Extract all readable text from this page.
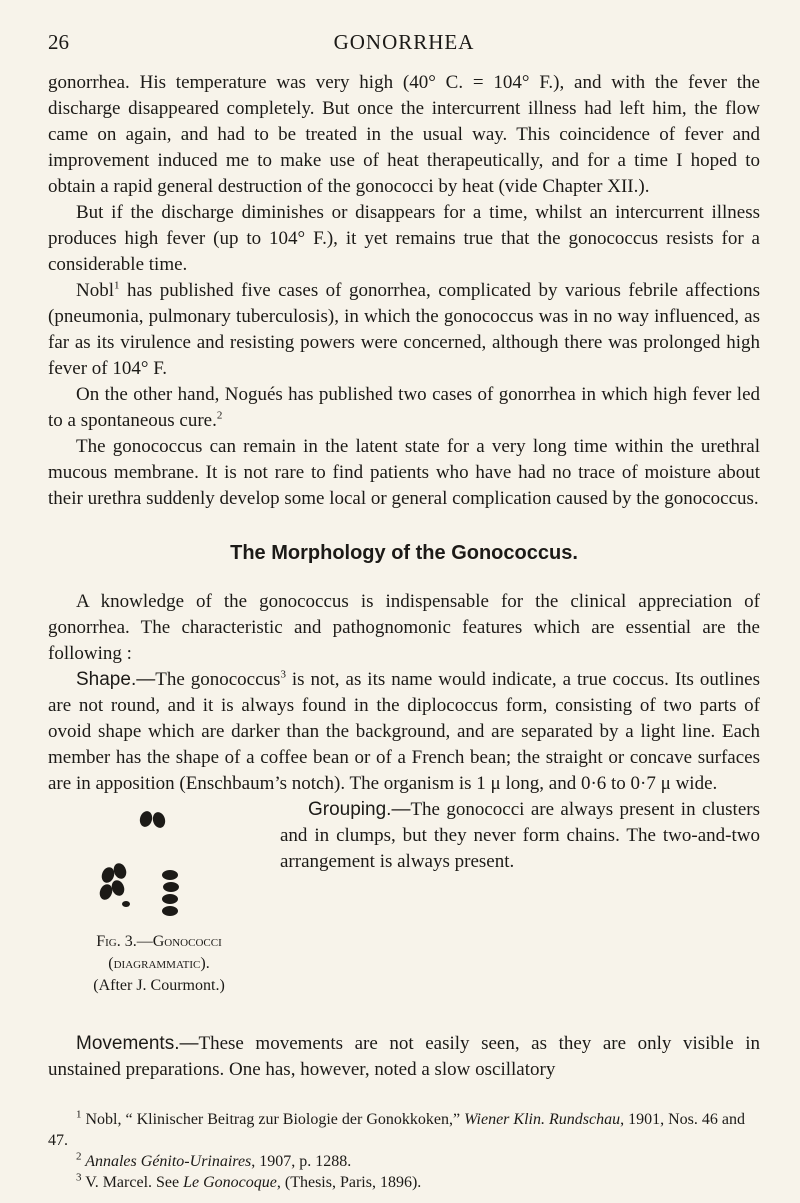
26	GONORRHEA

gonorrhea. His temperature was very high (40° C. = 104° F.), and with the fever the discharge disappeared completely. But once the intercurrent illness had left him, the flow came on again, and had to be treated in the usual way. This coincidence of fever and improvement induced me to make use of heat therapeutically, and for a time I hoped to obtain a rapid general destruction of the gonococci by heat (vide Chapter XII.).

But if the discharge diminishes or disappears for a time, whilst an intercurrent illness produces high fever (up to 104° F.), it yet remains true that the gonococcus resists for a considerable time.

Nobl$^1$ has published five cases of gonorrhea, complicated by various febrile affections (pneumonia, pulmonary tuberculosis), in which the gonococcus was in no way influenced, as far as its virulence and resisting powers were concerned, although there was prolonged high fever of 104° F.

On the other hand, Nogués has published two cases of gonorrhea in which high fever led to a spontaneous cure.$^2$

The gonococcus can remain in the latent state for a very long time within the urethral mucous membrane. It is not rare to find patients who have had no trace of moisture about their urethra suddenly develop some local or general complication caused by the gonococcus.

The Morphology of the Gonococcus.

A knowledge of the gonococcus is indispensable for the clinical appreciation of gonorrhea. The characteristic and pathognomonic features which are essential are the following :

Shape.—The gonococcus$^3$ is not, as its name would indicate, a true coccus. Its outlines are not round, and it is always found in the diplococcus form, consisting of two parts of ovoid shape which are darker than the background, and are separated by a light line. Each member has the shape of a coffee bean or of a French bean; the straight or concave surfaces are in apposition (Enschbaum’s notch). The organism is 1 μ long, and 0·6 to 0·7 μ wide.

Fig. 3.—Gonococci
(diagrammatic).
(After J. Courmont.)

Grouping.—The gonococci are always present in clusters and in clumps, but they never form chains. The two-and-two arrangement is always present.

Movements.—These movements are not easily seen, as they are only visible in unstained preparations. One has, however, noted a slow oscillatory

$^1$ Nobl, “ Klinischer Beitrag zur Biologie der Gonokkoken,” Wiener Klin. Rundschau, 1901, Nos. 46 and 47.

$^2$ Annales Génito-Urinaires, 1907, p. 1288.

$^3$ V. Marcel. See Le Gonocoque, (Thesis, Paris, 1896).
